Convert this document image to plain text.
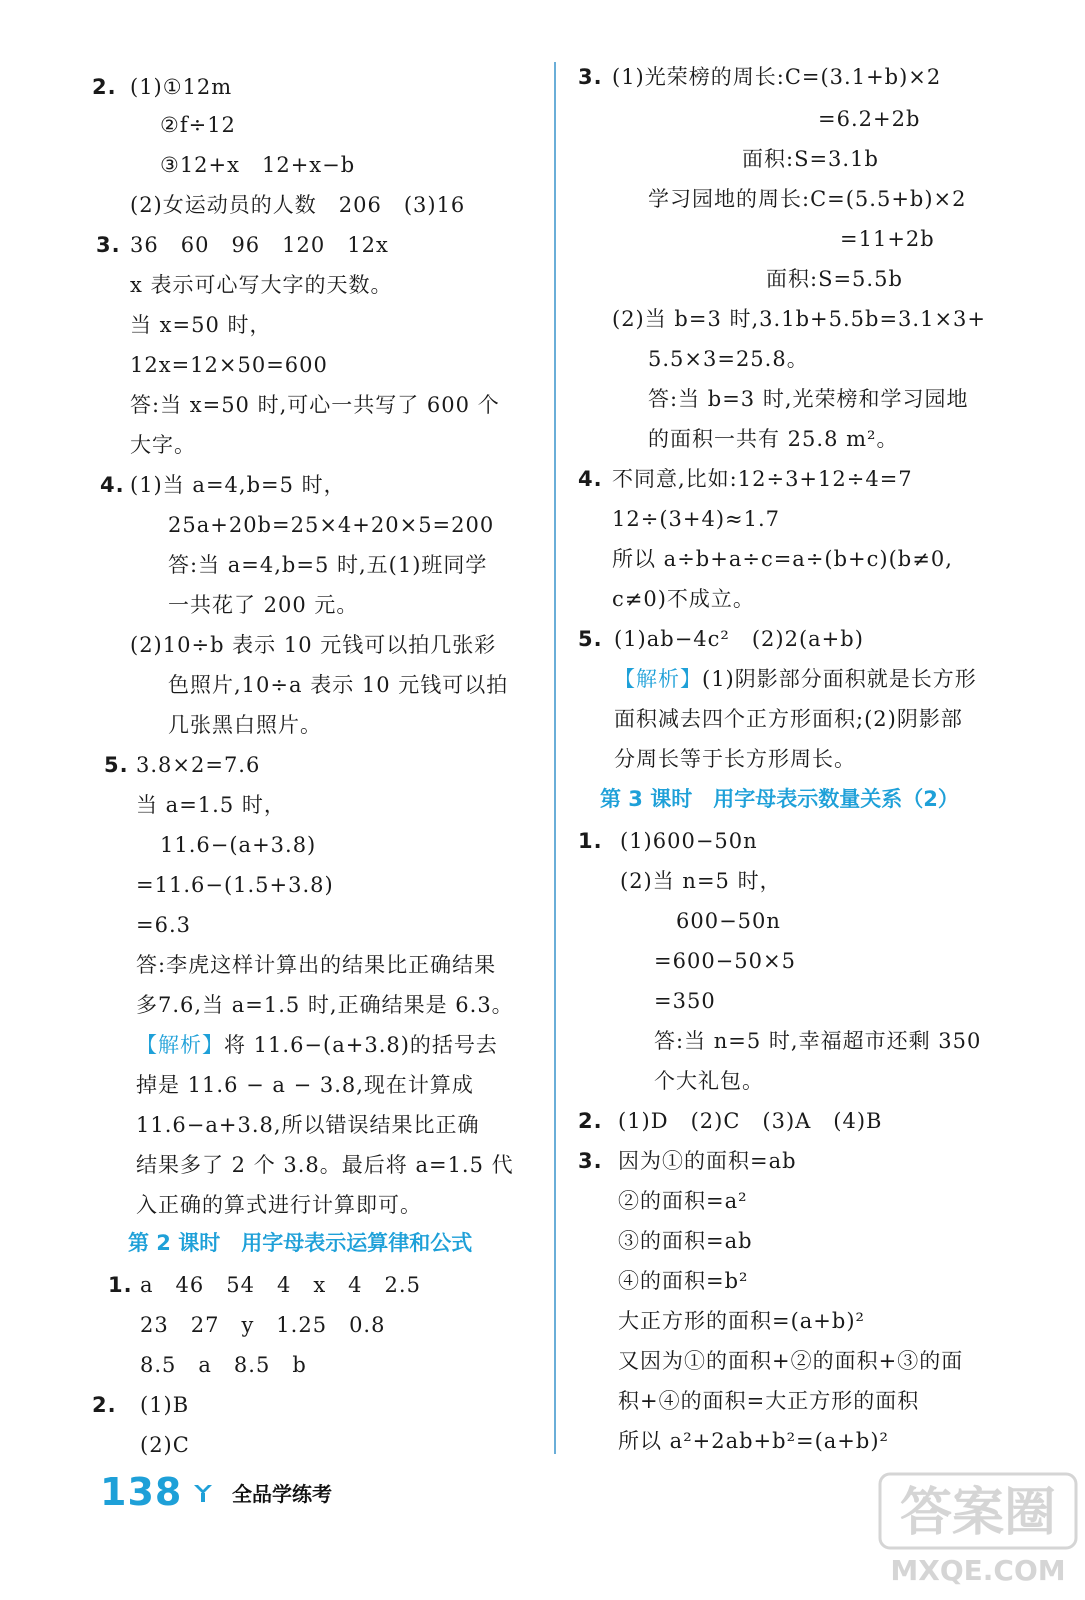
138 全品学练考	答案圈
MXQE.COM
2. (1)①12m
②f÷12
③12+x　12+x−b
(2)女运动员的人数　206　(3)16
3. 36　60　96　120　12x
x 表示可心写大字的天数。
当 x=50 时，
12x=12×50=600
答:当 x=50 时,可心一共写了 600 个
大字。
4. (1)当 a=4,b=5 时，
25a+20b=25×4+20×5=200
答:当 a=4,b=5 时,五(1)班同学
一共花了 200 元。
(2)10÷b 表示 10 元钱可以拍几张彩
色照片,10÷a 表示 10 元钱可以拍
几张黑白照片。
5. 3.8×2=7.6
当 a=1.5 时，
11.6−(a+3.8)
=11.6−(1.5+3.8)
=6.3
答:李虎这样计算出的结果比正确结果
多7.6,当 a=1.5 时,正确结果是 6.3。
【解析】将 11.6−(a+3.8)的括号去
掉是 11.6 − a − 3.8,现在计算成
11.6−a+3.8,所以错误结果比正确
结果多了 2 个 3.8。最后将 a=1.5 代
入正确的算式进行计算即可。
第 2 课时　用字母表示运算律和公式
1. a　46　54　4　x　4　2.5
23　27　y　1.25　0.8
8.5　a　8.5　b
2. (1)B
(2)C
3. (1)光荣榜的周长:C=(3.1+b)×2
=6.2+2b
面积:S=3.1b
学习园地的周长:C=(5.5+b)×2
=11+2b
面积:S=5.5b
(2)当 b=3 时,3.1b+5.5b=3.1×3+
5.5×3=25.8。
答:当 b=3 时,光荣榜和学习园地
的面积一共有 25.8 m²。
4. 不同意,比如:12÷3+12÷4=7
12÷(3+4)≈1.7
所以 a÷b+a÷c=a÷(b+c)(b≠0,
c≠0)不成立。
5. (1)ab−4c²　(2)2(a+b)
【解析】(1)阴影部分面积就是长方形
面积减去四个正方形面积;(2)阴影部
分周长等于长方形周长。
第 3 课时　用字母表示数量关系（2）
1. (1)600−50n
(2)当 n=5 时，
600−50n
=600−50×5
=350
答:当 n=5 时,幸福超市还剩 350
个大礼包。
2. (1)D　(2)C　(3)A　(4)B
3. 因为①的面积=ab
②的面积=a²
③的面积=ab
④的面积=b²
大正方形的面积=(a+b)²
又因为①的面积+②的面积+③的面
积+④的面积=大正方形的面积
所以 a²+2ab+b²=(a+b)²
